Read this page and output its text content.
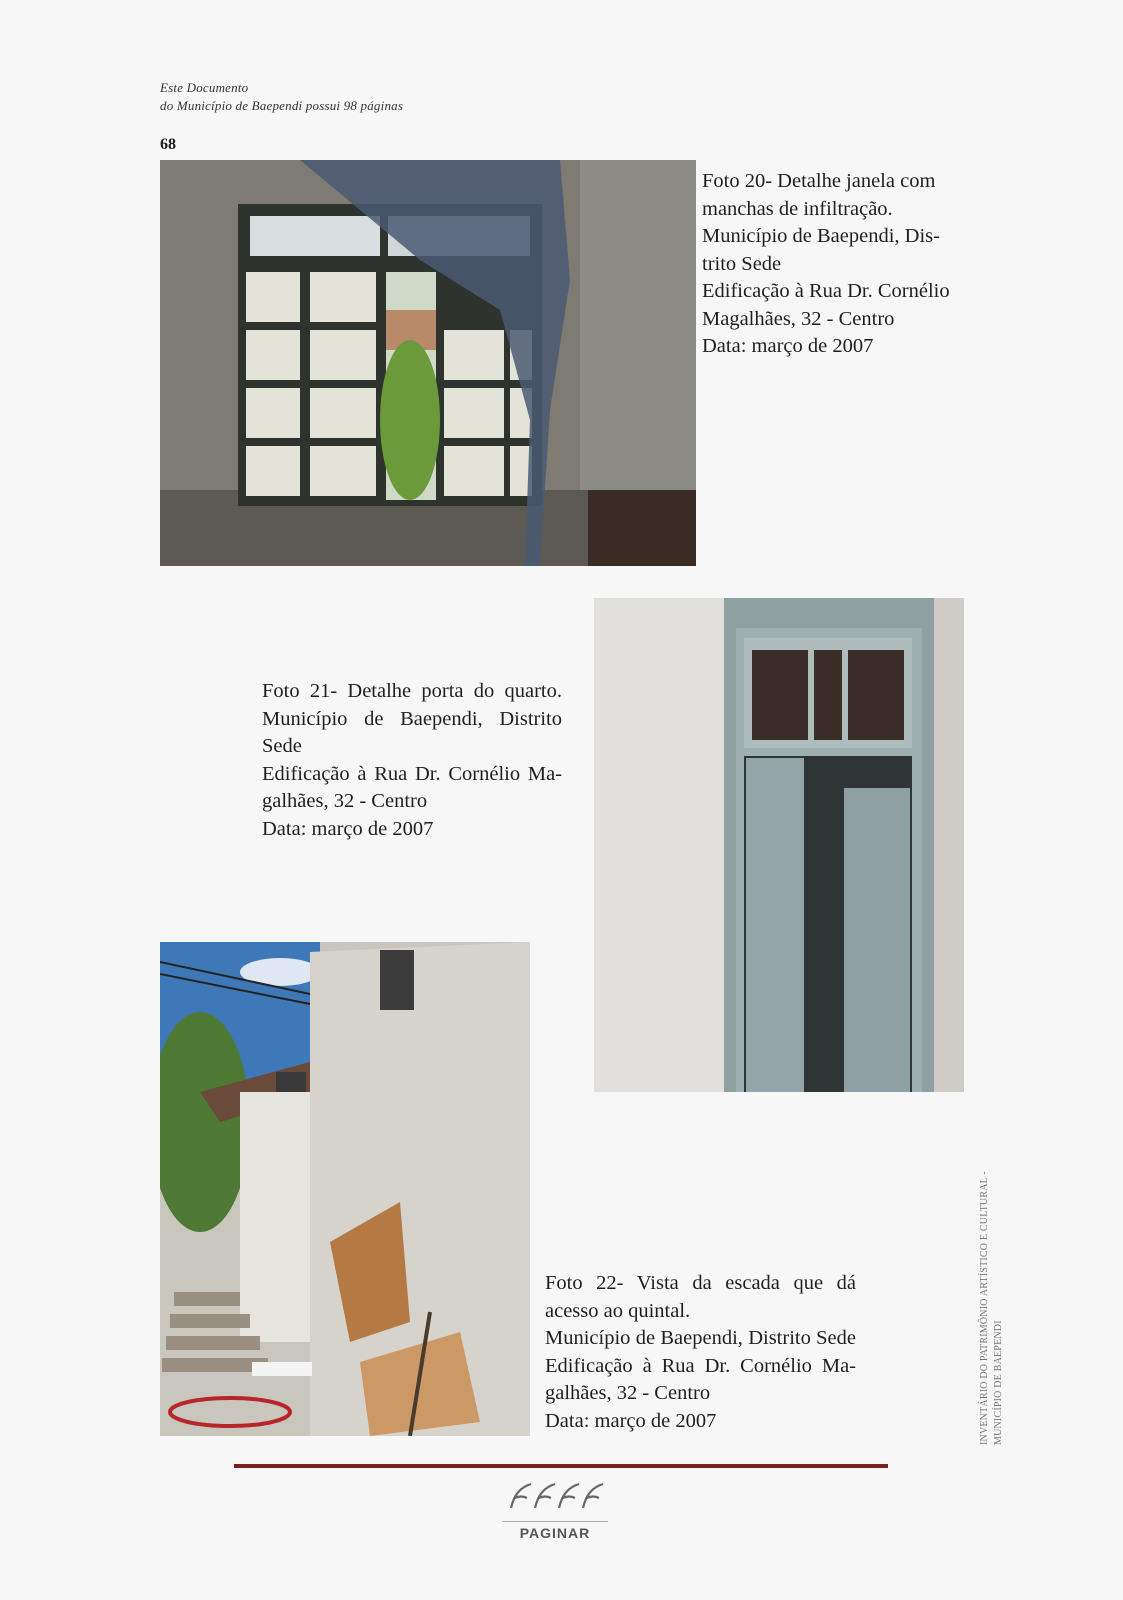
Este Documento
do Município de Baependi possui 98 páginas
68
Foto 20- Detalhe janela com
manchas de infiltração.
Município de Baependi, Dis-
trito Sede
Edificação à Rua Dr. Cornélio
Magalhães, 32 - Centro
Data: março de 2007
Foto 21- Detalhe porta do quarto.
Município de Baependi, Distrito
Sede
Edificação à Rua Dr. Cornélio Ma-
galhães, 32 - Centro
Data: março de 2007
Foto 22- Vista da escada que dá
acesso ao quintal.
Município de Baependi, Distrito Sede
Edificação à Rua Dr. Cornélio Ma-
galhães, 32 - Centro
Data: março de 2007	INVENTÁRIO DO PATRIMÔNIO ARTÍSTICO E CULTURAL - MUNICÍPIO DE BAEPENDI
PAGINAR
